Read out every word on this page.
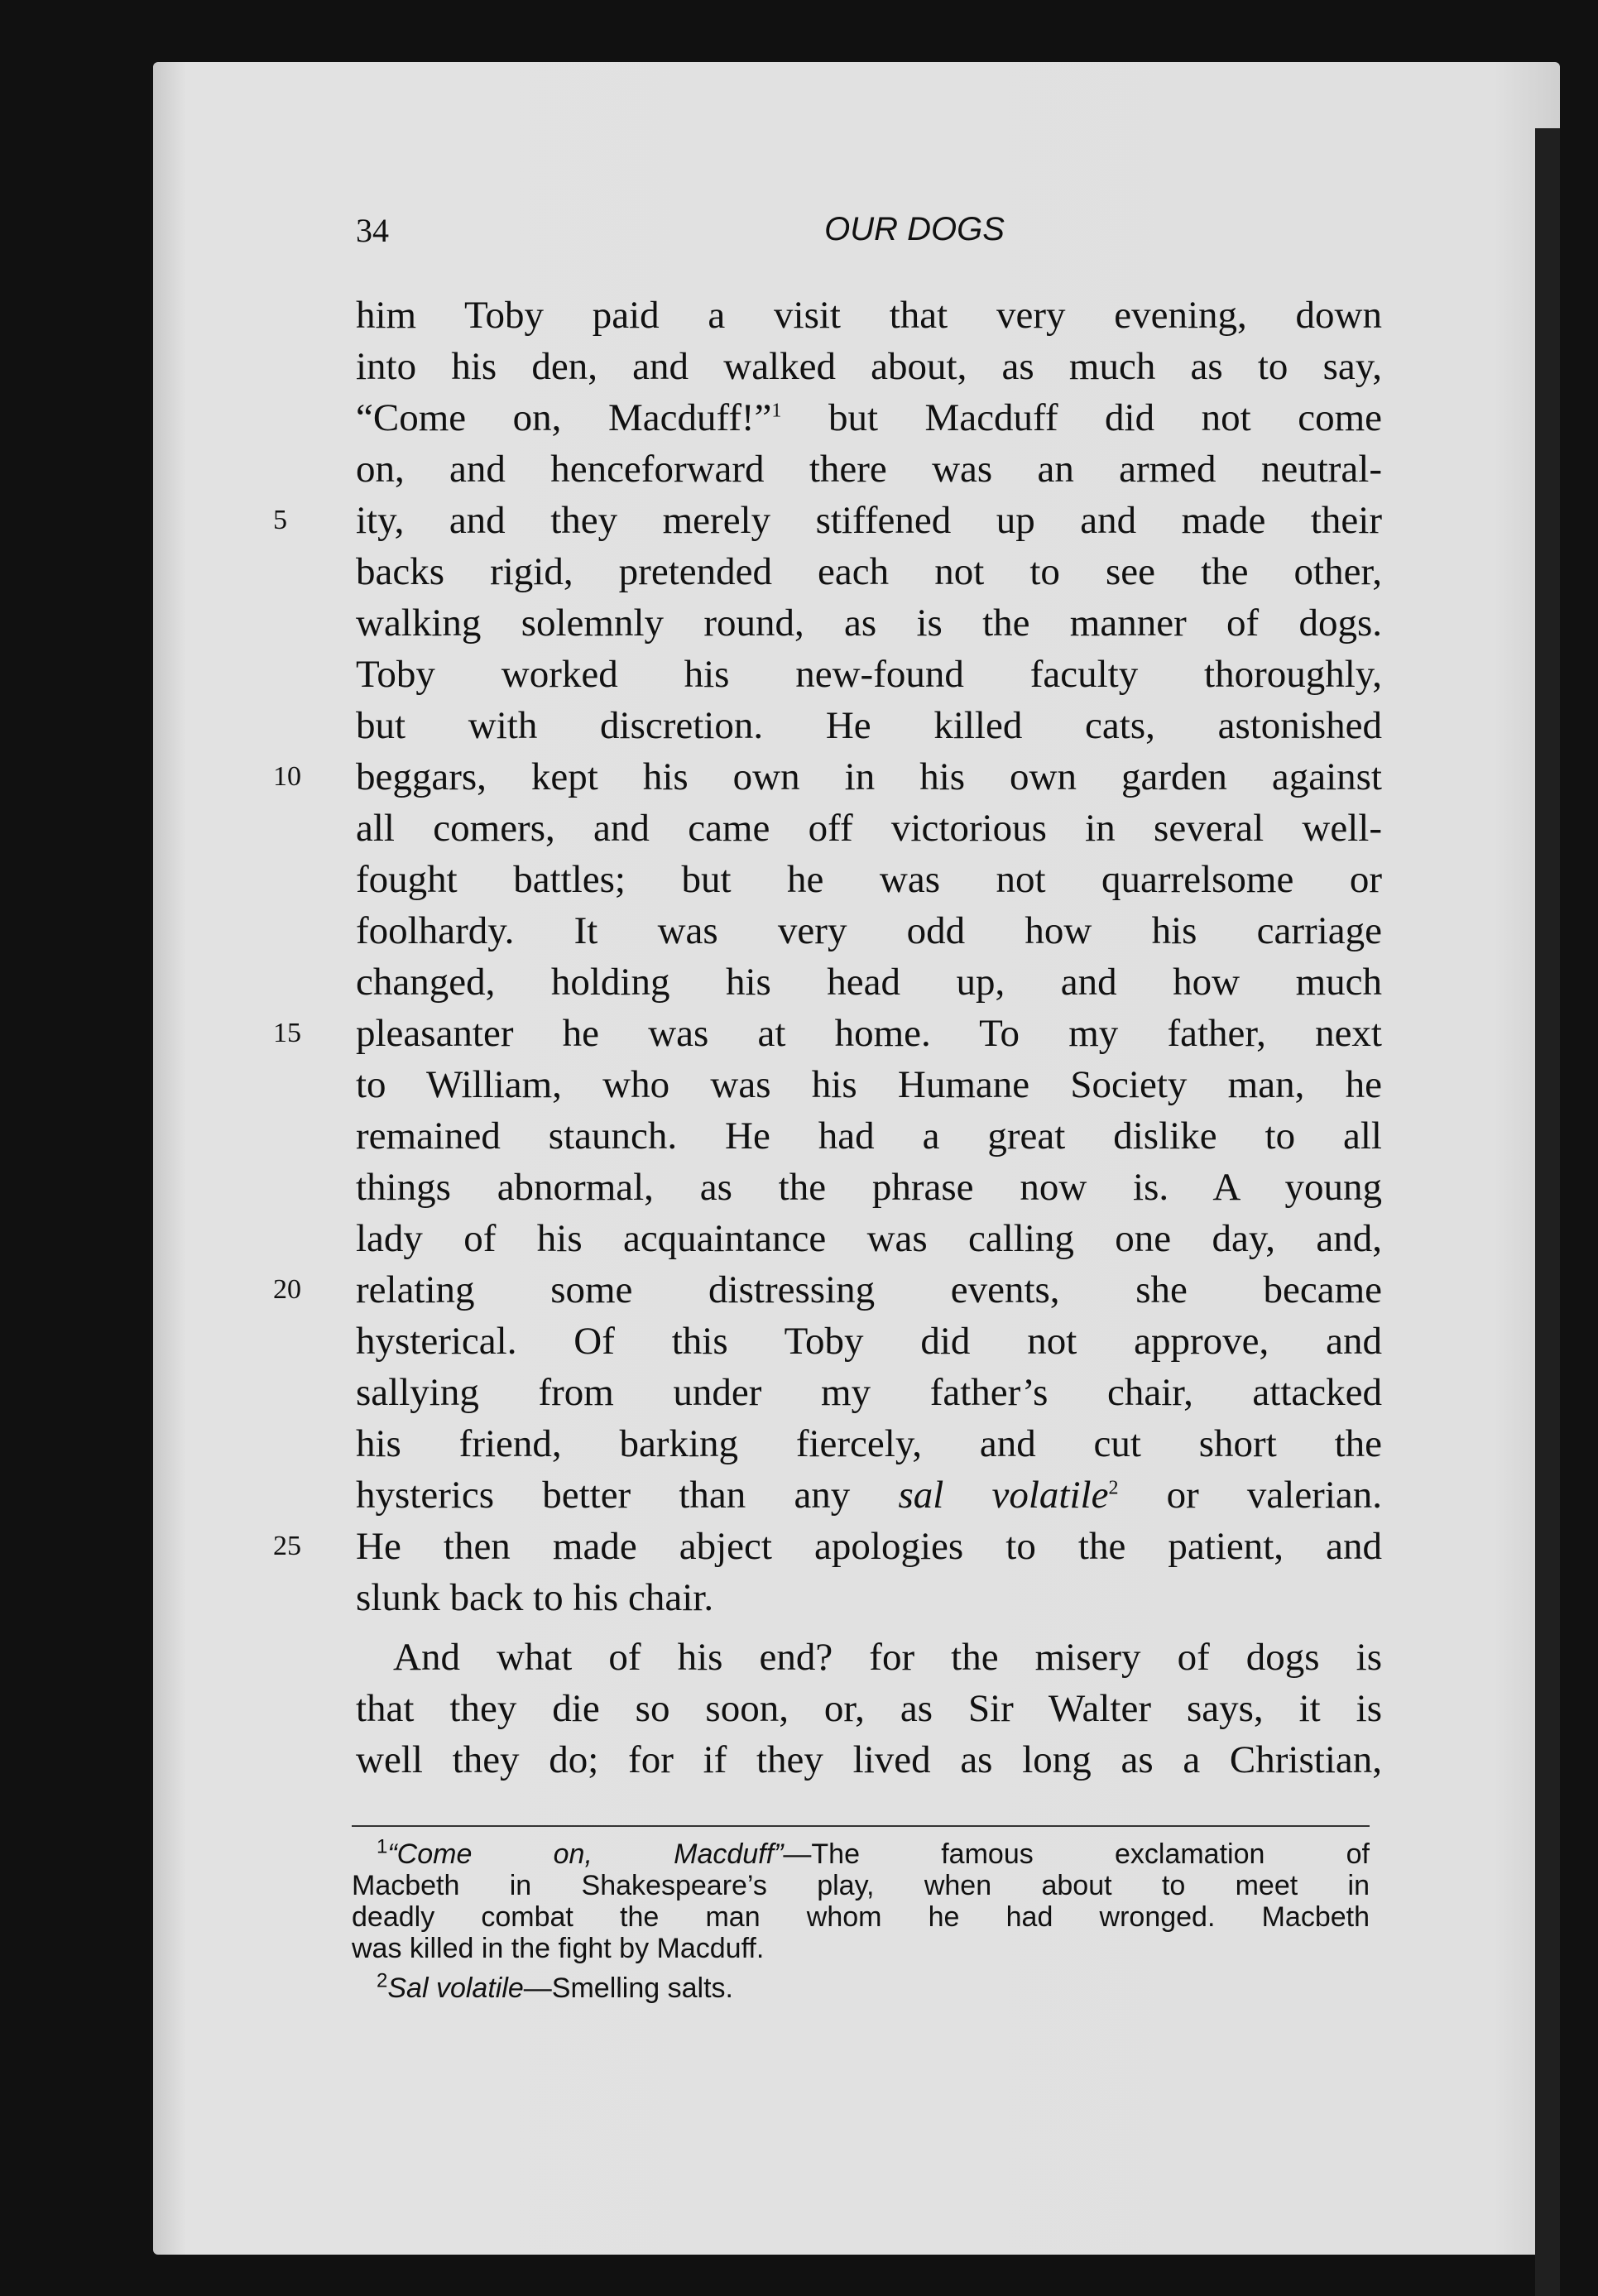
34	OUR DOGS
him Toby paid a visit that very evening, down
into his den, and walked about, as much as to say,
“Come on, Macduff!”$^1$ but Macduff did not come
on, and henceforward there was an armed neutral-
5	ity, and they merely stiffened up and made their
backs rigid, pretended each not to see the other,
walking solemnly round, as is the manner of dogs.
Toby worked his new-found faculty thoroughly,
but with discretion. He killed cats, astonished
10	beggars, kept his own in his own garden against
all comers, and came off victorious in several well-
fought battles; but he was not quarrelsome or
foolhardy. It was very odd how his carriage
changed, holding his head up, and how much
15	pleasanter he was at home. To my father, next
to William, who was his Humane Society man, he
remained staunch. He had a great dislike to all
things abnormal, as the phrase now is. A young
lady of his acquaintance was calling one day, and,
20	relating some distressing events, she became
hysterical. Of this Toby did not approve, and
sallying from under my father’s chair, attacked
his friend, barking fiercely, and cut short the
hysterics better than any sal volatile$^2$ or valerian.
25	He then made abject apologies to the patient, and
slunk back to his chair.
And what of his end? for the misery of dogs is
that they die so soon, or, as Sir Walter says, it is
well they do; for if they lived as long as a Christian,
$^1$“Come on, Macduff”—The famous exclamation of
Macbeth in Shakespeare’s play, when about to meet in
deadly combat the man whom he had wronged. Macbeth
was killed in the fight by Macduff.
$^2$Sal volatile—Smelling salts.
